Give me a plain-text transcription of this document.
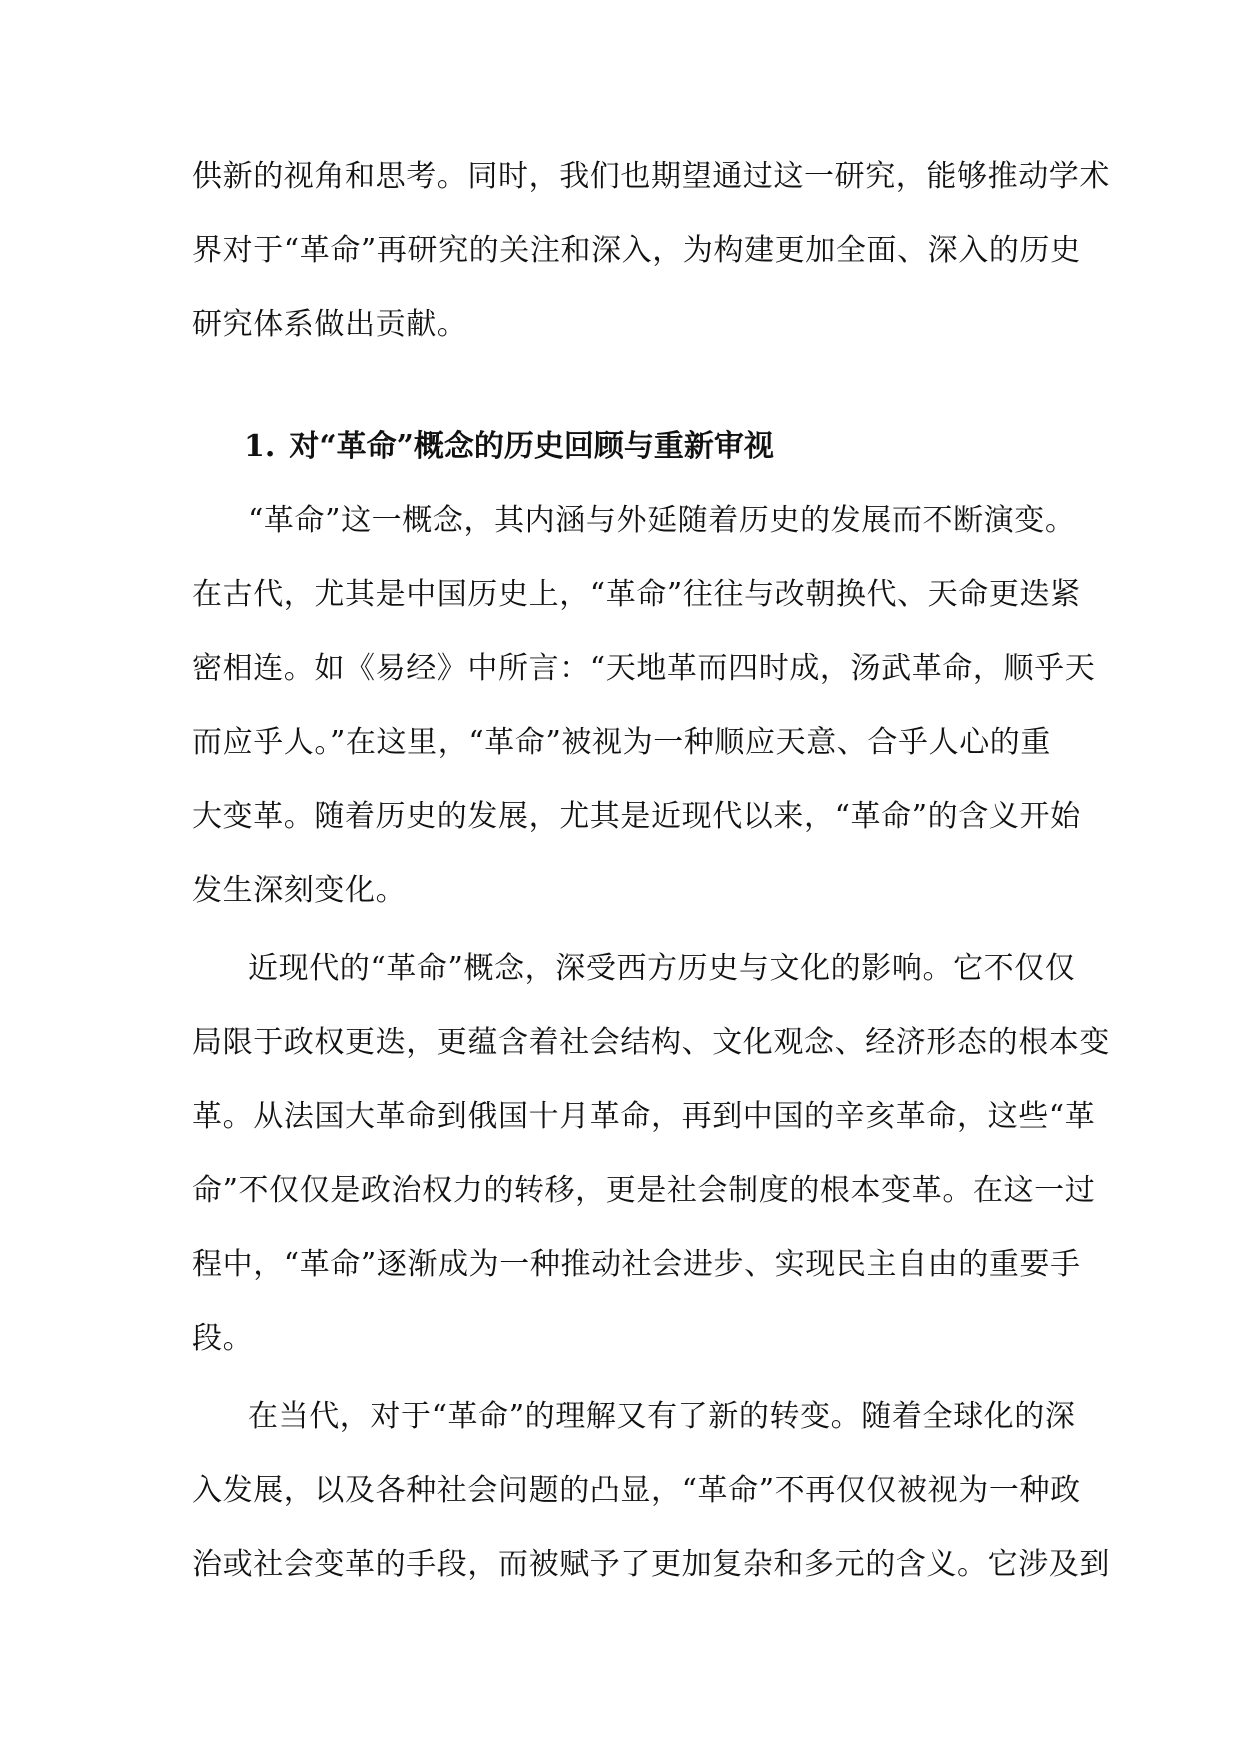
供新的视角和思考。同时，我们也期望通过这一研究，能够推动学术
界对于“革命”再研究的关注和深入，为构建更加全面、深入的历史
研究体系做出贡献。
1. 对“革命”概念的历史回顾与重新审视
“革命”这一概念，其内涵与外延随着历史的发展而不断演变。
在古代，尤其是中国历史上，“革命”往往与改朝换代、天命更迭紧
密相连。如《易经》中所言：“天地革而四时成，汤武革命，顺乎天
而应乎人。”在这里，“革命”被视为一种顺应天意、合乎人心的重
大变革。随着历史的发展，尤其是近现代以来，“革命”的含义开始
发生深刻变化。
近现代的“革命”概念，深受西方历史与文化的影响。它不仅仅
局限于政权更迭，更蕴含着社会结构、文化观念、经济形态的根本变
革。从法国大革命到俄国十月革命，再到中国的辛亥革命，这些“革
命”不仅仅是政治权力的转移，更是社会制度的根本变革。在这一过
程中，“革命”逐渐成为一种推动社会进步、实现民主自由的重要手
段。
在当代，对于“革命”的理解又有了新的转变。随着全球化的深
入发展，以及各种社会问题的凸显，“革命”不再仅仅被视为一种政
治或社会变革的手段，而被赋予了更加复杂和多元的含义。它涉及到
